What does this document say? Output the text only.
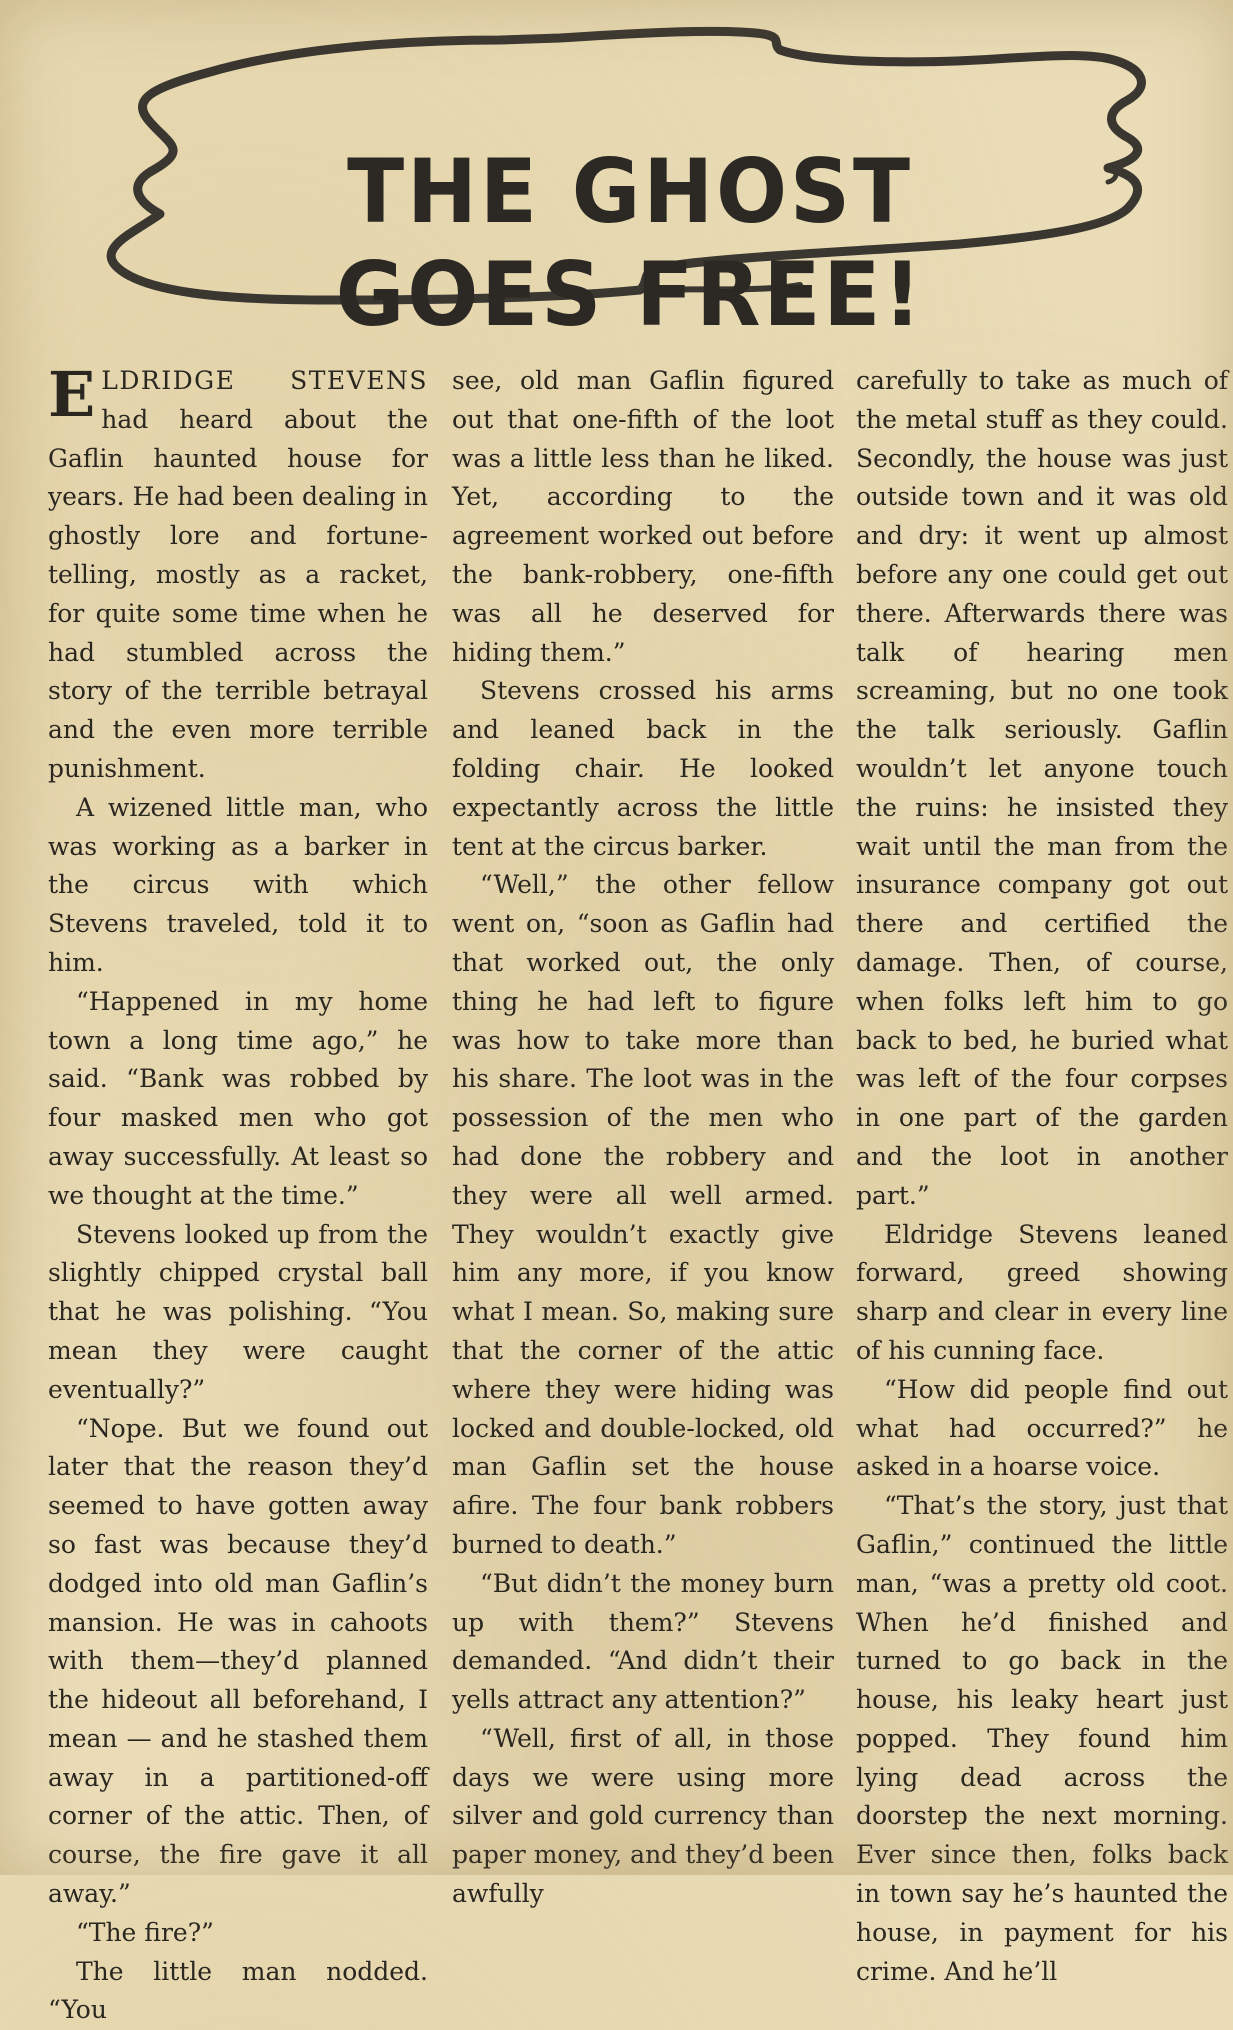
THE GHOST GOES FREE!

ELDRIDGE STEVENS had heard about the Gaflin haunted house for years. He had been dealing in ghostly lore and fortune-telling, mostly as a racket, for quite some time when he had stumbled across the story of the terrible betrayal and the even more terrible punishment.

A wizened little man, who was working as a barker in the circus with which Stevens traveled, told it to him.

“Happened in my home town a long time ago,” he said. “Bank was robbed by four masked men who got away successfully. At least so we thought at the time.”

Stevens looked up from the slightly chipped crystal ball that he was polishing. “You mean they were caught eventually?”

“Nope. But we found out later that the reason they’d seemed to have gotten away so fast was because they’d dodged into old man Gaflin’s mansion. He was in cahoots with them—they’d planned the hideout all beforehand, I mean — and he stashed them away in a partitioned-off corner of the attic. Then, of course, the fire gave it all away.”

“The fire?”

The little man nodded. “You

see, old man Gaflin figured out that one-fifth of the loot was a little less than he liked. Yet, according to the agreement worked out before the bank-robbery, one-fifth was all he deserved for hiding them.”

Stevens crossed his arms and leaned back in the folding chair. He looked expectantly across the little tent at the circus barker.

“Well,” the other fellow went on, “soon as Gaflin had that worked out, the only thing he had left to figure was how to take more than his share. The loot was in the possession of the men who had done the robbery and they were all well armed. They wouldn’t exactly give him any more, if you know what I mean. So, making sure that the corner of the attic where they were hiding was locked and double-locked, old man Gaflin set the house afire. The four bank robbers burned to death.”

“But didn’t the money burn up with them?” Stevens demanded. “And didn’t their yells attract any attention?”

“Well, first of all, in those days we were using more silver and gold currency than paper money, and they’d been awfully

carefully to take as much of the metal stuff as they could. Secondly, the house was just outside town and it was old and dry: it went up almost before any one could get out there. Afterwards there was talk of hearing men screaming, but no one took the talk seriously. Gaflin wouldn’t let anyone touch the ruins: he insisted they wait until the man from the insurance company got out there and certified the damage. Then, of course, when folks left him to go back to bed, he buried what was left of the four corpses in one part of the garden and the loot in another part.”

Eldridge Stevens leaned forward, greed showing sharp and clear in every line of his cunning face.

“How did people find out what had occurred?” he asked in a hoarse voice.

“That’s the story, just that Gaflin,” continued the little man, “was a pretty old coot. When he’d finished and turned to go back in the house, his leaky heart just popped. They found him lying dead across the doorstep the next morning. Ever since then, folks back in town say he’s haunted the house, in payment for his crime. And he’ll
